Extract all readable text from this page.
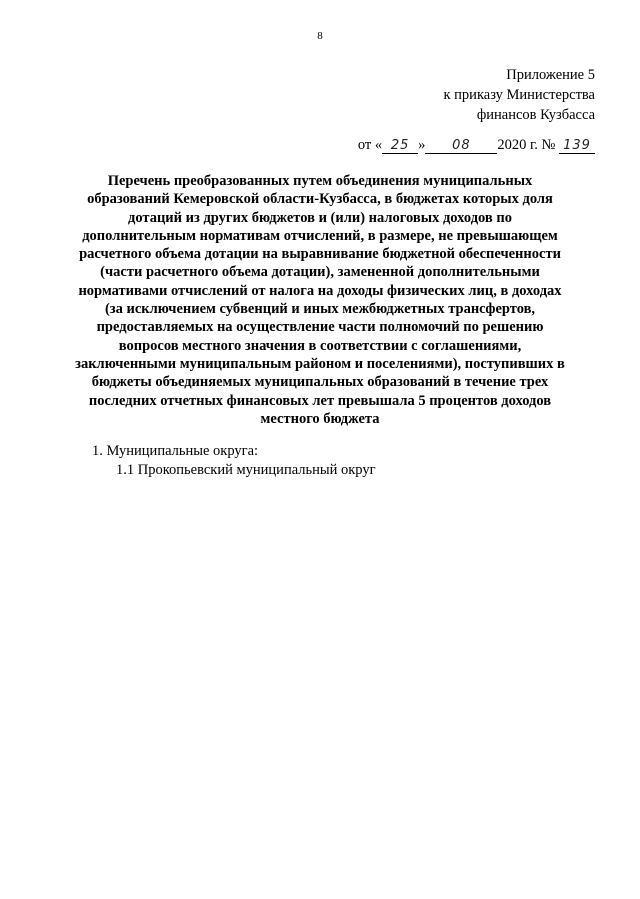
8
Приложение 5
к приказу Министерства
финансов Кузбасса
от « 25 » 08 2020 г. № 139
Перечень преобразованных путем объединения муниципальных
образований Кемеровской области-Кузбасса, в бюджетах которых доля
дотаций из других бюджетов и (или) налоговых доходов по
дополнительным нормативам отчислений, в размере, не превышающем
расчетного объема дотации на выравнивание бюджетной обеспеченности
(части расчетного объема дотации), замененной дополнительными
нормативами отчислений от налога на доходы физических лиц, в доходах
(за исключением субвенций и иных межбюджетных трансфертов,
предоставляемых на осуществление части полномочий по решению
вопросов местного значения в соответствии с соглашениями,
заключенными муниципальным районом и поселениями), поступивших в
бюджеты объединяемых муниципальных образований в течение трех
последних отчетных финансовых лет превышала 5 процентов доходов
местного бюджета
1. Муниципальные округа:
1.1 Прокопьевский муниципальный округ
